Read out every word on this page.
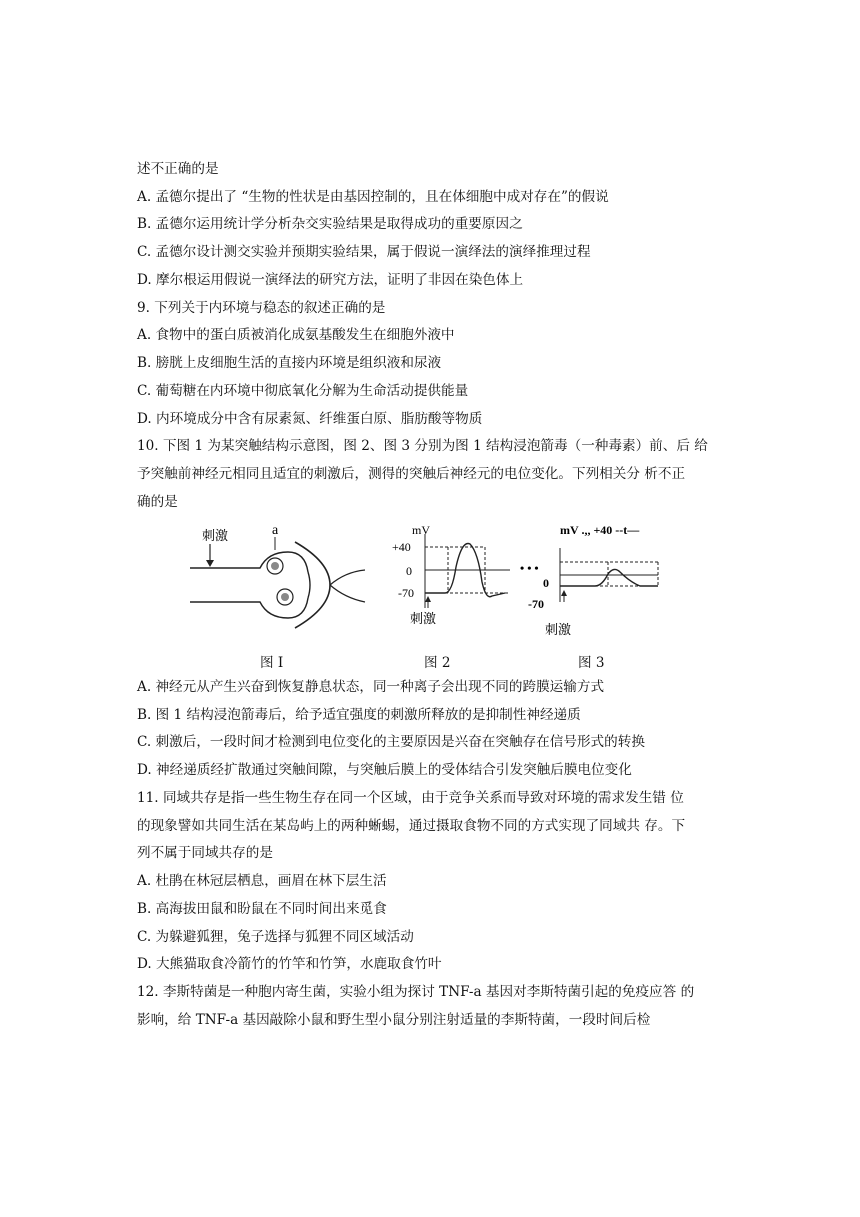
述不正确的是
A. 孟德尔提出了 “生物的性状是由基因控制的，且在体细胞中成对存在”的假说
B. 孟德尔运用统计学分析杂交实验结果是取得成功的重要原因之
C. 孟德尔设计测交实验并预期实验结果，属于假说一演绎法的演绎推理过程
D. 摩尔根运用假说一演绎法的研究方法，证明了非因在染色体上
9. 下列关于内环境与稳态的叙述正确的是
A. 食物中的蛋白质被消化成氨基酸发生在细胞外液中
B. 膀胱上皮细胞生活的直接内环境是组织液和尿液
C. 葡萄糖在内环境中彻底氧化分解为生命活动提供能量
D. 内环境成分中含有尿素氮、纤维蛋白原、脂肪酸等物质
10. 下图 1 为某突触结构示意图，图 2、图 3 分别为图 1 结构浸泡箭毒（一种毒素）前、后 给
予突触前神经元相同且适宜的刺激后，测得的突触后神经元的电位变化。下列相关分 析不正
确的是
刺激	a	mV
+40
0
-70
刺激
mV .,, +40 --t—
• • •
0
-70
刺激
图 I	图 2	图 3
A. 神经元从产生兴奋到恢复静息状态，同一种离子会出现不同的跨膜运输方式
B. 图 1 结构浸泡箭毒后，给予适宜强度的刺激所释放的是抑制性神经递质
C. 刺激后，一段时间才检测到电位变化的主要原因是兴奋在突触存在信号形式的转换
D. 神经递质经扩散通过突触间隙，与突触后膜上的受体结合引发突触后膜电位变化
11. 同域共存是指一些生物生存在同一个区域，由于竞争关系而导致对环境的需求发生错 位
的现象譬如共同生活在某岛屿上的两种蜥蜴，通过摄取食物不同的方式实现了同域共 存。下
列不属于同域共存的是
A. 杜鹃在林冠层栖息，画眉在林下层生活
B. 高海拔田鼠和盼鼠在不同时间出来觅食
C. 为躲避狐狸，兔子选择与狐狸不同区域活动
D. 大熊猫取食冷箭竹的竹竿和竹笋，水鹿取食竹叶
12. 李斯特菌是一种胞内寄生菌，实验小组为探讨 TNF-a 基因对李斯特菌引起的免疫应答 的
影响，给 TNF-a 基因敲除小鼠和野生型小鼠分别注射适量的李斯特菌，一段时间后检
